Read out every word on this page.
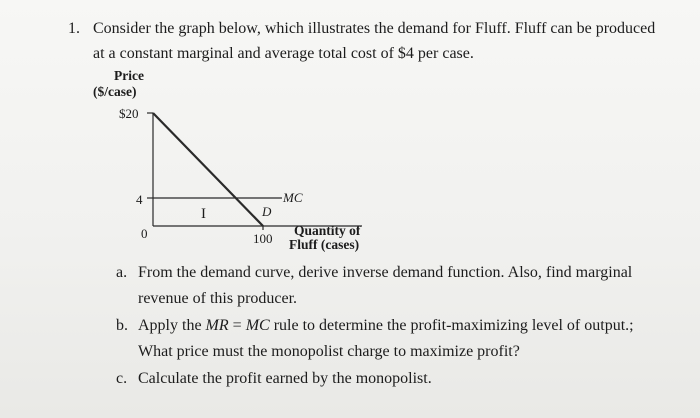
1. Consider the graph below, which illustrates the demand for Fluff. Fluff can be produced
at a constant marginal and average total cost of $4 per case.
Price
($/case)
$20
4
0	100
Quantity of
Fluff (cases)
D
MC
I
a. From the demand curve, derive inverse demand function. Also, find marginal
revenue of this producer.
b. Apply the MR = MC rule to determine the profit-maximizing level of output.;
What price must the monopolist charge to maximize profit?
c. Calculate the profit earned by the monopolist.
